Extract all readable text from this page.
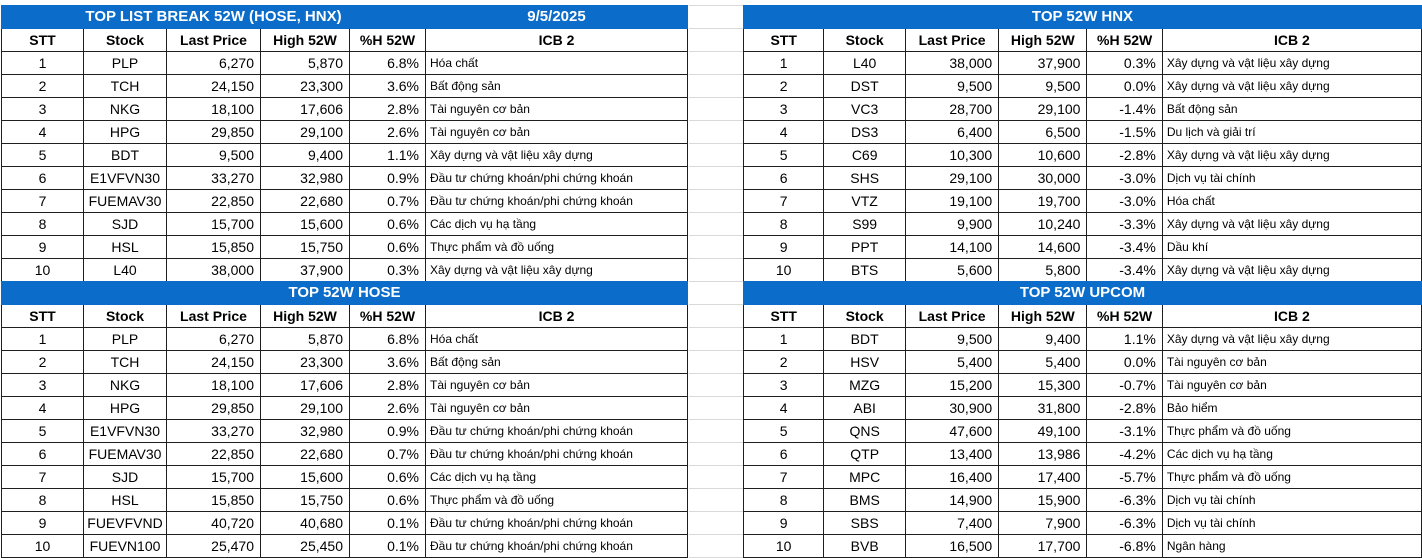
TOP LIST BREAK 52W (HOSE, HNX)					9/5/2025
STT	Stock	Last Price	High 52W	%H 52W	ICB 2
1	PLP	6,270	5,870	6.8%	Hóa chất
2	TCH	24,150	23,300	3.6%	Bất động sản
3	NKG	18,100	17,606	2.8%	Tài nguyên cơ bản
4	HPG	29,850	29,100	2.6%	Tài nguyên cơ bản
5	BDT	9,500	9,400	1.1%	Xây dựng và vật liệu xây dựng
6	E1VFVN30	33,270	32,980	0.9%	Đầu tư chứng khoán/phi chứng khoán
7	FUEMAV30	22,850	22,680	0.7%	Đầu tư chứng khoán/phi chứng khoán
8	SJD	15,700	15,600	0.6%	Các dịch vụ hạ tầng
9	HSL	15,850	15,750	0.6%	Thực phẩm và đồ uống
10	L40	38,000	37,900	0.3%	Xây dựng và vật liệu xây dựng
TOP 52W HNX					
STT	Stock	Last Price	High 52W	%H 52W	ICB 2
1	L40	38,000	37,900	0.3%	Xây dựng và vật liệu xây dựng
2	DST	9,500	9,500	0.0%	Xây dựng và vật liệu xây dựng
3	VC3	28,700	29,100	-1.4%	Bất động sản
4	DS3	6,400	6,500	-1.5%	Du lịch và giải trí
5	C69	10,300	10,600	-2.8%	Xây dựng và vật liệu xây dựng
6	SHS	29,100	30,000	-3.0%	Dịch vụ tài chính
7	VTZ	19,100	19,700	-3.0%	Hóa chất
8	S99	9,900	10,240	-3.3%	Xây dựng và vật liệu xây dựng
9	PPT	14,100	14,600	-3.4%	Dầu khí
10	BTS	5,600	5,800	-3.4%	Xây dựng và vật liệu xây dựng
TOP 52W HOSE					
STT	Stock	Last Price	High 52W	%H 52W	ICB 2
1	PLP	6,270	5,870	6.8%	Hóa chất
2	TCH	24,150	23,300	3.6%	Bất động sản
3	NKG	18,100	17,606	2.8%	Tài nguyên cơ bản
4	HPG	29,850	29,100	2.6%	Tài nguyên cơ bản
5	E1VFVN30	33,270	32,980	0.9%	Đầu tư chứng khoán/phi chứng khoán
6	FUEMAV30	22,850	22,680	0.7%	Đầu tư chứng khoán/phi chứng khoán
7	SJD	15,700	15,600	0.6%	Các dịch vụ hạ tầng
8	HSL	15,850	15,750	0.6%	Thực phẩm và đồ uống
9	FUEVFVND	40,720	40,680	0.1%	Đầu tư chứng khoán/phi chứng khoán
10	FUEVN100	25,470	25,450	0.1%	Đầu tư chứng khoán/phi chứng khoán
TOP 52W UPCOM					
STT	Stock	Last Price	High 52W	%H 52W	ICB 2
1	BDT	9,500	9,400	1.1%	Xây dựng và vật liệu xây dựng
2	HSV	5,400	5,400	0.0%	Tài nguyên cơ bản
3	MZG	15,200	15,300	-0.7%	Tài nguyên cơ bản
4	ABI	30,900	31,800	-2.8%	Bảo hiểm
5	QNS	47,600	49,100	-3.1%	Thực phẩm và đồ uống
6	QTP	13,400	13,986	-4.2%	Các dịch vụ hạ tầng
7	MPC	16,400	17,400	-5.7%	Thực phẩm và đồ uống
8	BMS	14,900	15,900	-6.3%	Dịch vụ tài chính
9	SBS	7,400	7,900	-6.3%	Dịch vụ tài chính
10	BVB	16,500	17,700	-6.8%	Ngân hàng
